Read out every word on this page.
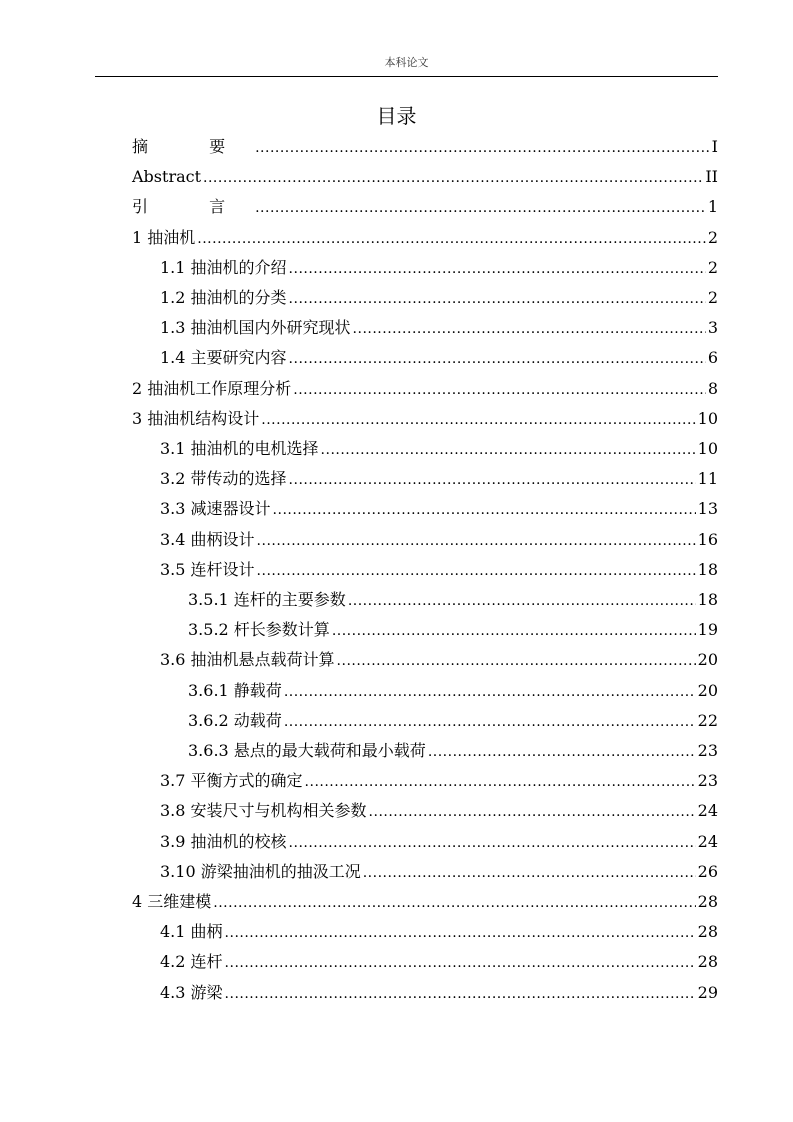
本科论文
目录
摘 要 .....	I
Abstract .....	II
引 言 .....	1
1 抽油机 .....	2
1.1 抽油机的介绍 .....	2
1.2 抽油机的分类 .....	2
1.3 抽油机国内外研究现状 .....	3
1.4 主要研究内容 .....	6
2 抽油机工作原理分析 .....	8
3 抽油机结构设计 .....	10
3.1 抽油机的电机选择 .....	10
3.2 带传动的选择 .....	11
3.3 减速器设计 .....	13
3.4 曲柄设计 .....	16
3.5 连杆设计 .....	18
3.5.1 连杆的主要参数 .....	18
3.5.2 杆长参数计算 .....	19
3.6 抽油机悬点载荷计算 .....	20
3.6.1 静载荷 .....	20
3.6.2 动载荷 .....	22
3.6.3 悬点的最大载荷和最小载荷 .....	23
3.7 平衡方式的确定 .....	23
3.8 安装尺寸与机构相关参数 .....	24
3.9 抽油机的校核 .....	24
3.10 游梁抽油机的抽汲工况 .....	26
4 三维建模 .....	28
4.1 曲柄 .....	28
4.2 连杆 .....	28
4.3 游梁 .....	29
